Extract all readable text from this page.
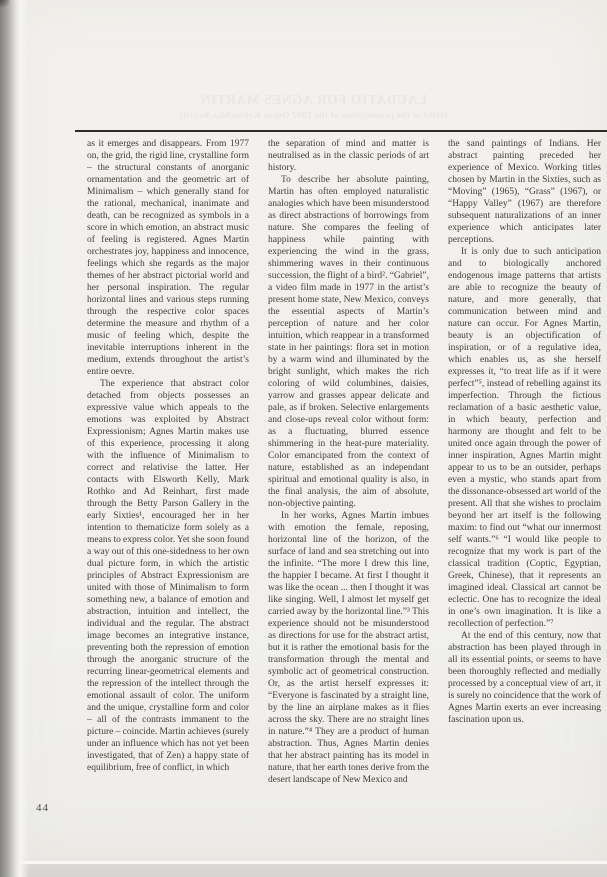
LAUDATIO FOR AGNES MARTIN
(Held at the presentation of the 1992 Oskar Kokoschka Award)

as it emerges and disappears. From 1977 on, the grid, the rigid line, crystalline form – the structural constants of anorganic ornamentation and the geometric art of Minimalism – which generally stand for the rational, mechanical, inanimate and death, can be recognized as symbols in a score in which emotion, an abstract music of feeling is registered. Agnes Martin orchestrates joy, happiness and innocence, feelings which she regards as the major themes of her abstract pictorial world and her personal inspiration. The regular horizontal lines and various steps running through the respective color spaces determine the measure and rhythm of a music of feeling which, despite the inevitable interruptions inherent in the medium, extends throughout the artist’s entire oevre.

The experience that abstract color detached from objects possesses an expressive value which appeals to the emotions was exploited by Abstract Expressionism; Agnes Martin makes use of this experience, processing it along with the influence of Minimalism to correct and relativise the latter. Her contacts with Elsworth Kelly, Mark Rothko and Ad Reinhart, first made through the Betty Parson Gallery in the early Sixties¹, encouraged her in her intention to thematicize form solely as a means to express color. Yet she soon found a way out of this one-sidedness to her own dual picture form, in which the artistic principles of Abstract Expressionism are united with those of Minimalism to form something new, a balance of emotion and abstraction, intuition and intellect, the individual and the regular. The abstract image becomes an integrative instance, preventing both the repression of emotion through the anorganic structure of the recurring linear-geometrical elements and the repression of the intellect through the emotional assault of color. The uniform and the unique, crystalline form and color – all of the contrasts immanent to the picture – coincide. Martin achieves (surely under an influence which has not yet been investigated, that of Zen) a happy state of equilibrium, free of conflict, in which

the separation of mind and matter is neutralised as in the classic periods of art history.

To describe her absolute painting, Martin has often employed naturalistic analogies which have been misunderstood as direct abstractions of borrowings from nature. She compares the feeling of happiness while painting with experiencing the wind in the grass, shimmering waves in their continuous succession, the flight of a bird². “Gabriel”, a video film made in 1977 in the artist’s present home state, New Mexico, conveys the essential aspects of Martin’s perception of nature and her color intuition, which reappear in a transformed state in her paintings: flora set in motion by a warm wind and illuminated by the bright sunlight, which makes the rich coloring of wild columbines, daisies, yarrow and grasses appear delicate and pale, as if broken. Selective enlargements and close-ups reveal color without form: as a fluctuating, blurred essence shimmering in the heat-pure materiality. Color emancipated from the context of nature, established as an independant spiritual and emotional quality is also, in the final analysis, the aim of absolute, non-objective painting.

In her works, Agnes Martin imbues with emotion the female, reposing, horizontal line of the horizon, of the surface of land and sea stretching out into the infinite. “The more I drew this line, the happier I became. At first I thought it was like the ocean ... then I thought it was like singing. Well, I almost let myself get carried away by the horizontal line.”³ This experience should not be misunderstood as directions for use for the abstract artist, but it is rather the emotional basis for the transformation through the mental and symbolic act of geometrical construction. Or, as the artist herself expresses it: “Everyone is fascinated by a straight line, by the line an airplane makes as it flies across the sky. There are no straight lines in nature.”⁴ They are a product of human abstraction. Thus, Agnes Martin denies that her abstract painting has its model in nature, that her earth tones derive from the desert landscape of New Mexico and

the sand paintings of Indians. Her abstract painting preceded her experience of Mexico. Working titles chosen by Martin in the Sixties, such as “Moving” (1965), “Grass” (1967), or “Happy Valley” (1967) are therefore subsequent naturalizations of an inner experience which anticipates later perceptions.

It is only due to such anticipation and to biologically anchored endogenous image patterns that artists are able to recognize the beauty of nature, and more generally, that communication between mind and nature can occur. For Agnes Martin, beauty is an objectification of inspiration, or of a regulative idea, which enables us, as she herself expresses it, “to treat life as if it were perfect”⁵, instead of rebelling against its imperfection. Through the fictious reclamation of a basic aesthetic value, in which beauty, perfection and harmony are thought and felt to be united once again through the power of inner inspiration, Agnes Martin might appear to us to be an outsider, perhaps even a mystic, who stands apart from the dissonance-obsessed art world of the present. All that she wishes to proclaim beyond her art itself is the following maxim: to find out “what our innermost self wants.”⁶ “I would like people to recognize that my work is part of the classical tradition (Coptic, Egyptian, Greek, Chinese), that it represents an imagined ideal. Classical art cannot be eclectic. One has to recognize the ideal in one’s own imagination. It is like a recollection of perfection.”⁷

At the end of this century, now that abstraction has been played through in all its essential points, or seems to have been thoroughly reflected and medially processed by a conceptual view of art, it is surely no coincidence that the work of Agnes Martin exerts an ever increasing fascination upon us.

44
